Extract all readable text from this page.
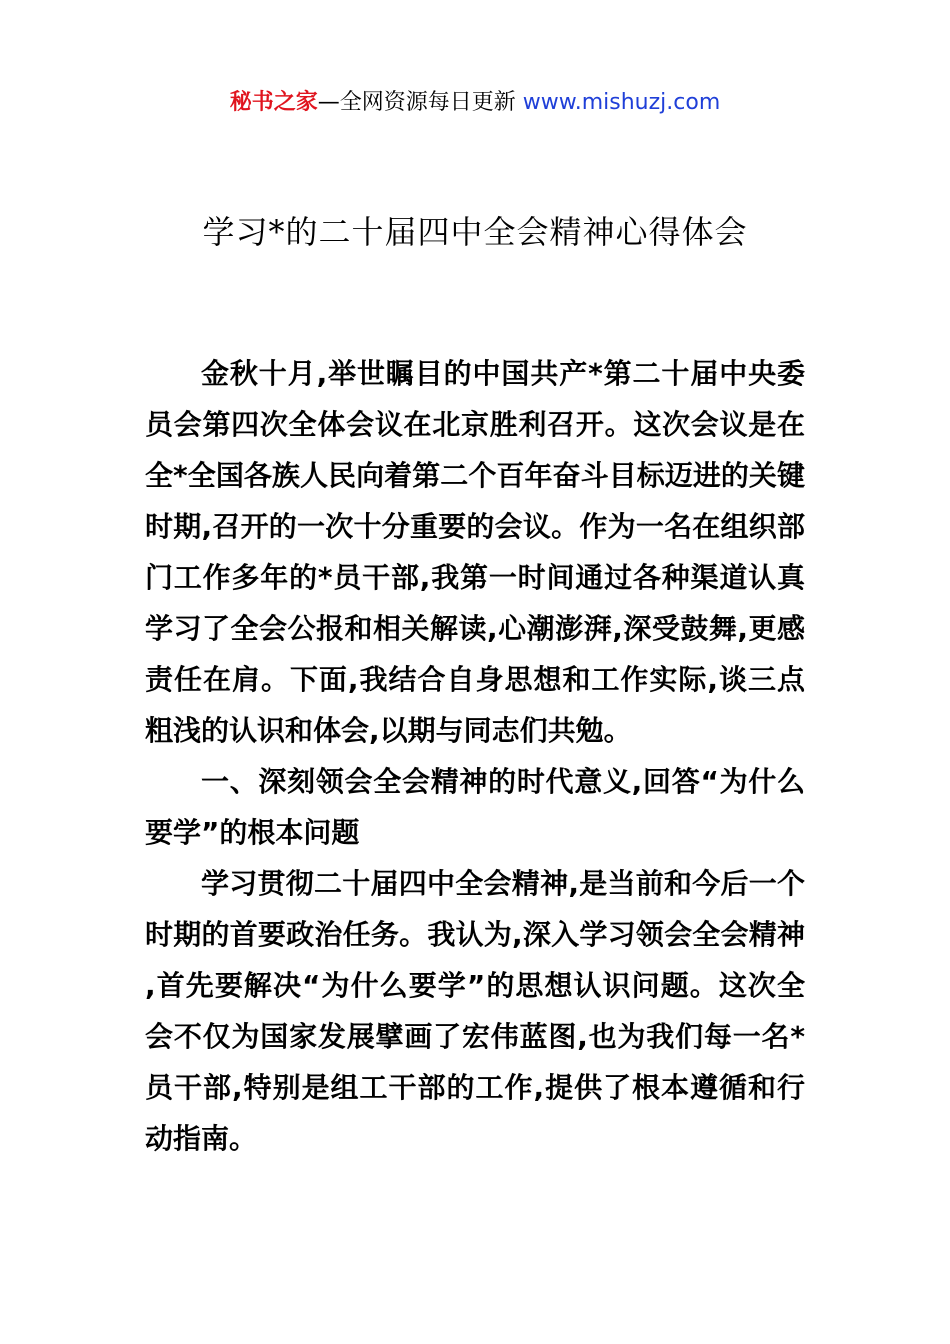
秘书之家—全网资源每日更新 www.mishuzj.com
学习*的二十届四中全会精神心得体会

金秋十月,举世瞩目的中国共产*第二十届中央委员会第四次全体会议在北京胜利召开。这次会议是在全*全国各族人民向着第二个百年奋斗目标迈进的关键时期,召开的一次十分重要的会议。作为一名在组织部门工作多年的*员干部,我第一时间通过各种渠道认真学习了全会公报和相关解读,心潮澎湃,深受鼓舞,更感责任在肩。下面,我结合自身思想和工作实际,谈三点粗浅的认识和体会,以期与同志们共勉。

一、深刻领会全会精神的时代意义,回答“为什么要学”的根本问题

学习贯彻二十届四中全会精神,是当前和今后一个时期的首要政治任务。我认为,深入学习领会全会精神,首先要解决“为什么要学”的思想认识问题。这次全会不仅为国家发展擘画了宏伟蓝图,也为我们每一名*员干部,特别是组工干部的工作,提供了根本遵循和行动指南。
